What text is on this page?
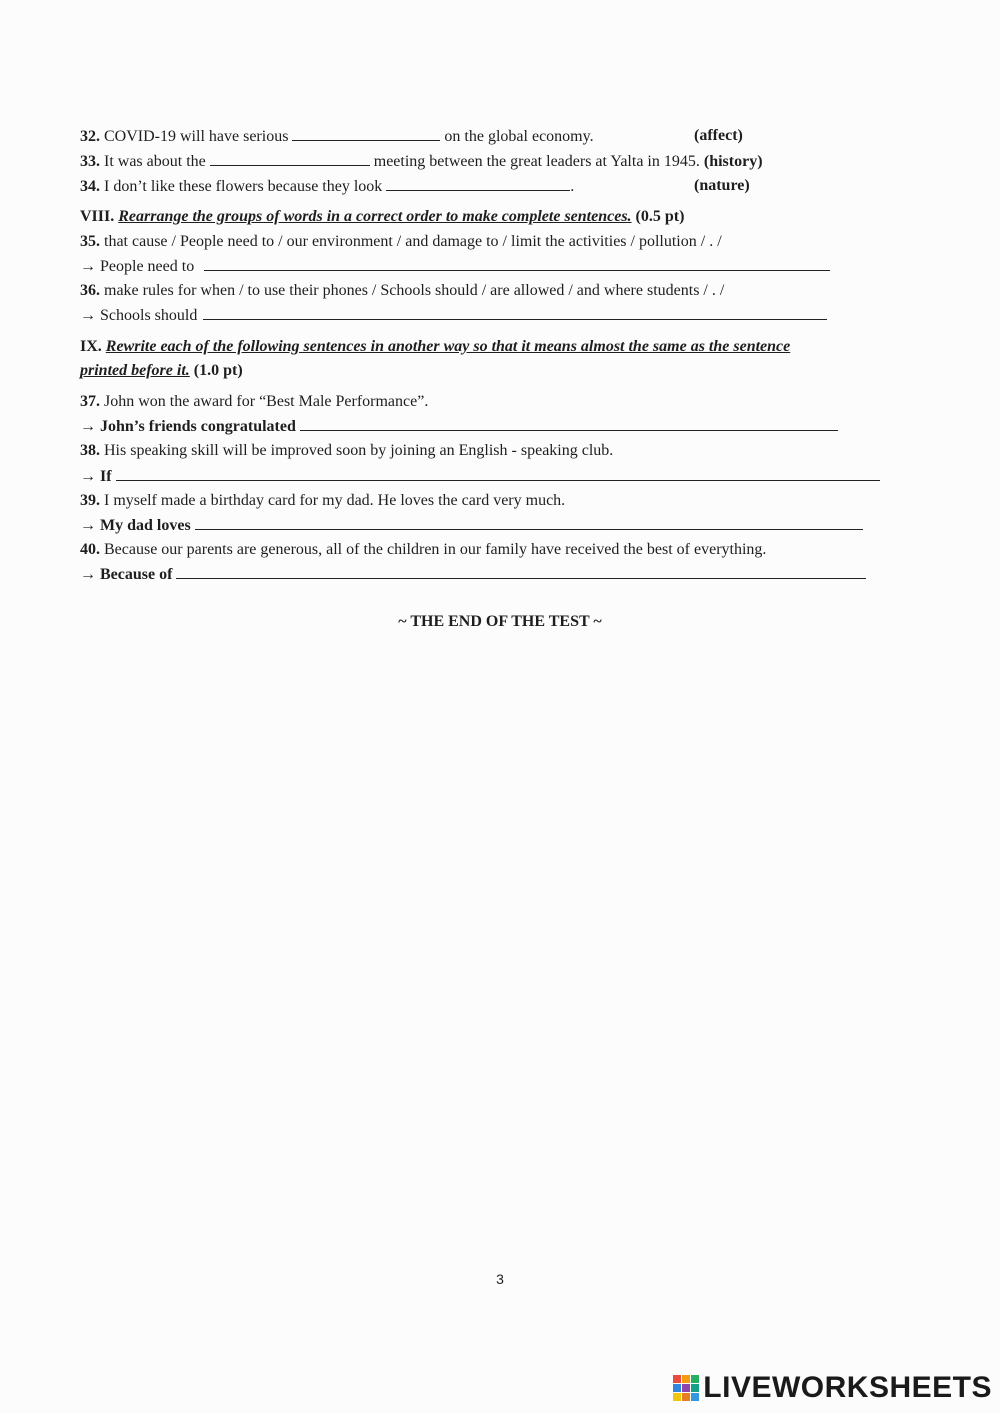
32. COVID-19 will have serious	on the global economy.	(affect)
33. It was about the	meeting between the great leaders at Yalta in 1945. (history)
34. I don’t like these flowers because they look	.	(nature)
VIII. Rearrange the groups of words in a correct order to make complete sentences. (0.5 pt)
35. that cause / People need to / our environment / and damage to / limit the activities / pollution / . /
→ People need to
36. make rules for when / to use their phones / Schools should / are allowed / and where students / . /
→ Schools should
IX. Rewrite each of the following sentences in another way so that it means almost the same as the sentence
printed before it. (1.0 pt)
37. John won the award for “Best Male Performance”.
→ John’s friends congratulated
38. His speaking skill will be improved soon by joining an English - speaking club.
→ If
39. I myself made a birthday card for my dad. He loves the card very much.
→ My dad loves
40. Because our parents are generous, all of the children in our family have received the best of everything.
→ Because of
~ THE END OF THE TEST ~
3
LIVEWORKSHEETS
